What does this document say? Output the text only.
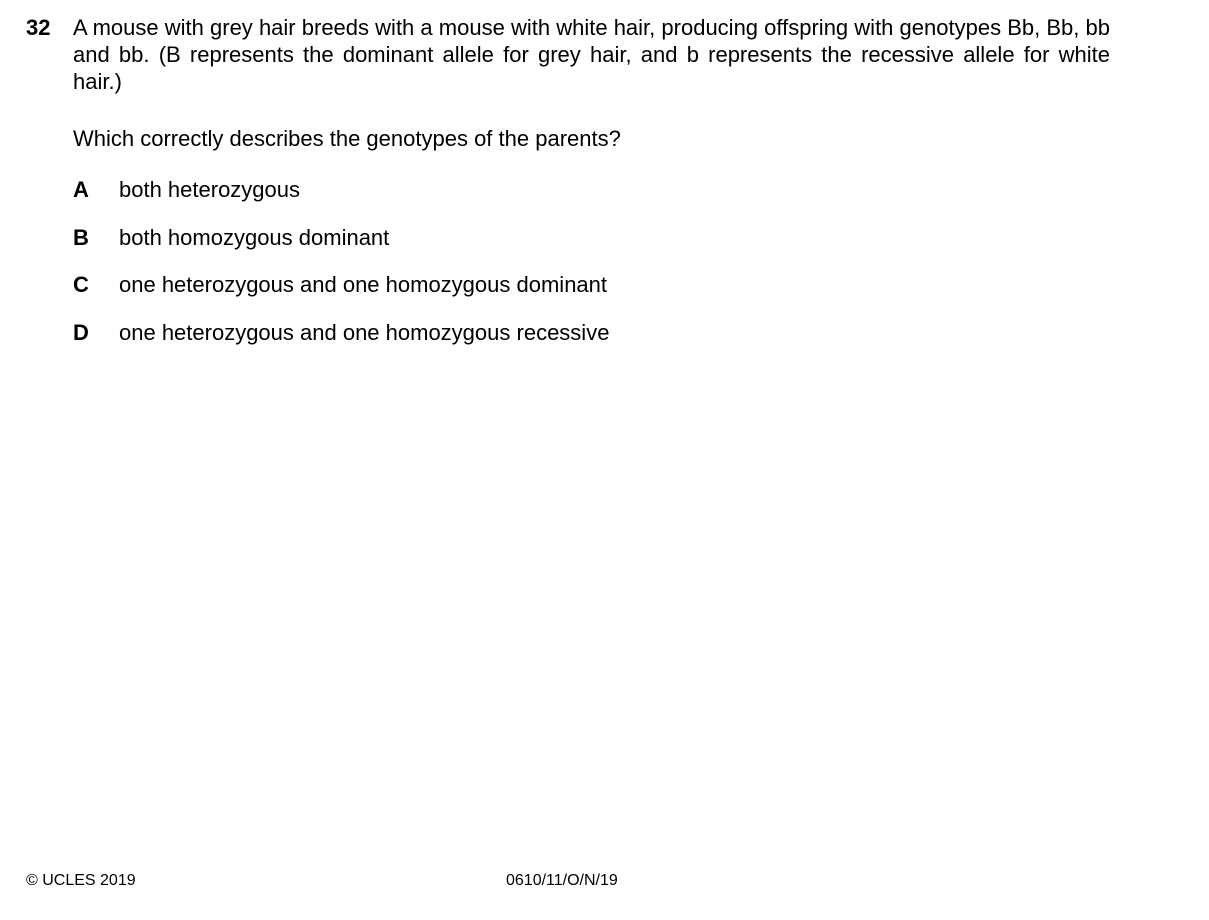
32 A mouse with grey hair breeds with a mouse with white hair, producing offspring with genotypes Bb, Bb, bb and bb. (B represents the dominant allele for grey hair, and b represents the recessive allele for white hair.)

Which correctly describes the genotypes of the parents?

A	both heterozygous
B	both homozygous dominant
C	one heterozygous and one homozygous dominant
D	one heterozygous and one homozygous recessive
© UCLES 2019	0610/11/O/N/19
